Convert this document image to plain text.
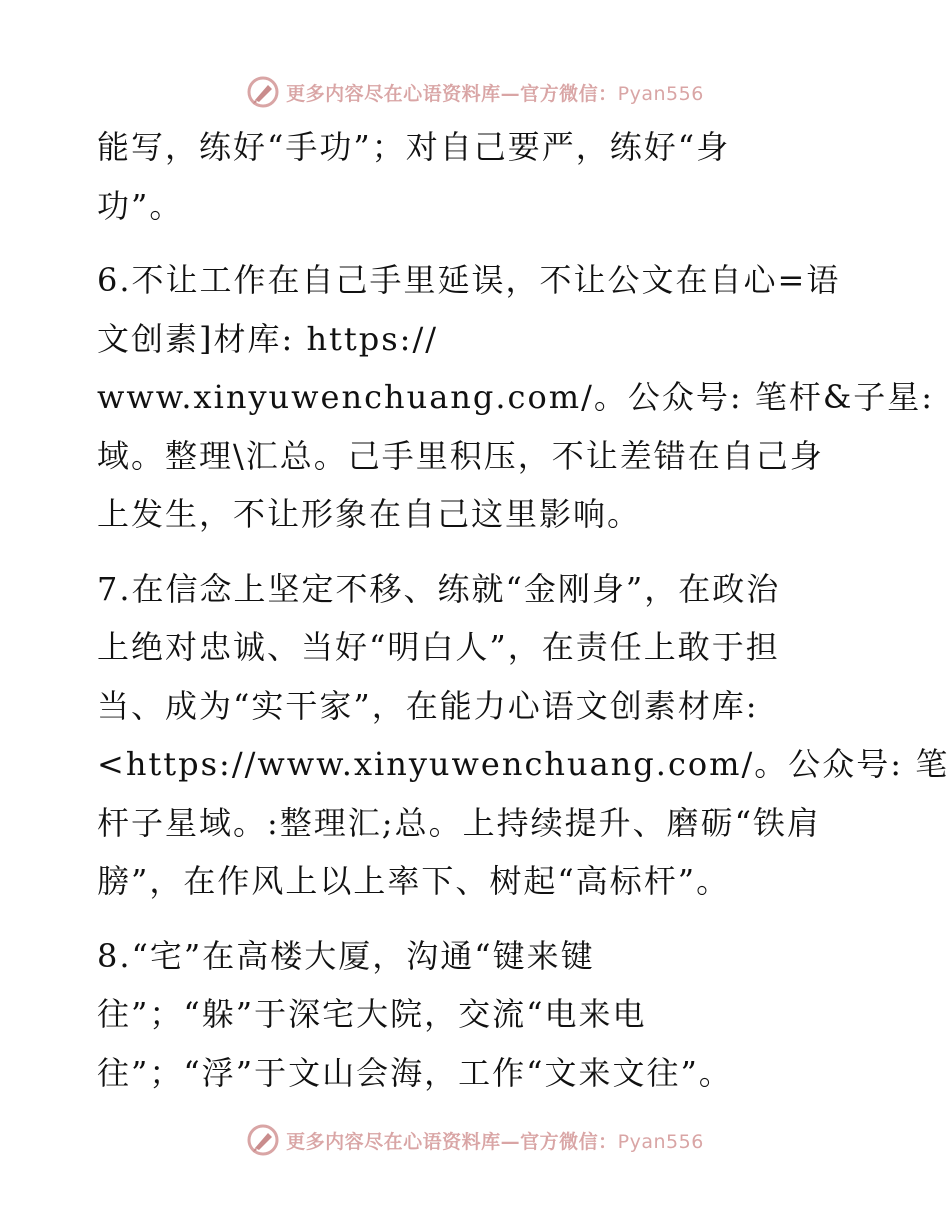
更多内容尽在心语资料库—官方微信：Pyan556
能写，练好“手功”；对自己要严，练好“身
功”。
6.不让工作在自己手里延误，不让公文在自心=语
文创素]材库: https://
www.xinyuwenchuang.com/。公众号: 笔杆&子星:
域。整理\汇总。己手里积压，不让差错在自己身
上发生，不让形象在自己这里影响。
7.在信念上坚定不移、练就“金刚身”，在政治
上绝对忠诚、当好“明白人”，在责任上敢于担
当、成为“实干家”，在能力心语文创素材库:
<https://www.xinyuwenchuang.com/。公众号: 笔
杆子星域。:整理汇;总。上持续提升、磨砺“铁肩
膀”，在作风上以上率下、树起“高标杆”。
8.“宅”在高楼大厦，沟通“键来键
往”；“躲”于深宅大院，交流“电来电
往”；“浮”于文山会海，工作“文来文往”。
更多内容尽在心语资料库—官方微信：Pyan556
